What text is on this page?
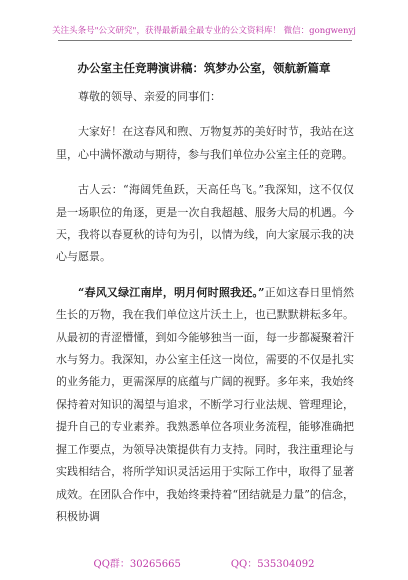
关注头条号"公文研究"，获得最新最全最专业的公文资料库！ 微信：gongwenyj
办公室主任竞聘演讲稿：筑梦办公室，领航新篇章

尊敬的领导、亲爱的同事们：

大家好！在这春风和煦、万物复苏的美好时节，我站在这里，心中满怀激动与期待，参与我们单位办公室主任的竞聘。

古人云：“海阔凭鱼跃，天高任鸟飞。”我深知，这不仅仅是一场职位的角逐，更是一次自我超越、服务大局的机遇。今天，我将以春夏秋的诗句为引，以情为线，向大家展示我的决心与愿景。

“春风又绿江南岸，明月何时照我还。”正如这春日里悄然生长的万物，我在我们单位这片沃土上，也已默默耕耘多年。从最初的青涩懵懂，到如今能够独当一面，每一步都凝聚着汗水与努力。我深知，办公室主任这一岗位，需要的不仅是扎实的业务能力，更需深厚的底蕴与广阔的视野。多年来，我始终保持着对知识的渴望与追求，不断学习行业法规、管理理论，提升自己的专业素养。我熟悉单位各项业务流程，能够准确把握工作要点，为领导决策提供有力支持。同时，我注重理论与实践相结合，将所学知识灵活运用于实际工作中，取得了显著成效。在团队合作中，我始终秉持着“团结就是力量”的信念，积极协调

QQ群：30265665	QQ：535304092
